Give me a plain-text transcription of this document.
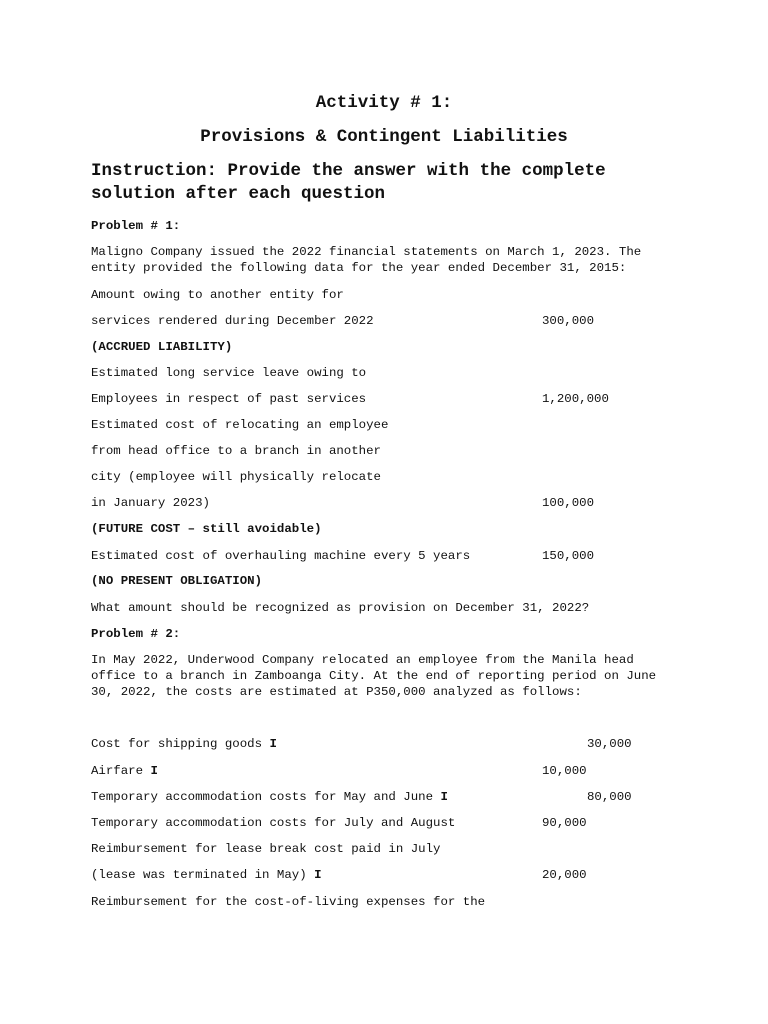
Activity # 1:
Provisions & Contingent Liabilities
Instruction: Provide the answer with the complete
solution after each question
Problem # 1:
Maligno Company issued the 2022 financial statements on March 1, 2023. The
entity provided the following data for the year ended December 31, 2015:
Amount owing to another entity for
services rendered during December 2022	300,000
(ACCRUED LIABILITY)
Estimated long service leave owing to
Employees in respect of past services	1,200,000
Estimated cost of relocating an employee
from head office to a branch in another
city (employee will physically relocate
in January 2023)	100,000
(FUTURE COST – still avoidable)
Estimated cost of overhauling machine every 5 years	150,000
(NO PRESENT OBLIGATION)
What amount should be recognized as provision on December 31, 2022?
Problem # 2:
In May 2022, Underwood Company relocated an employee from the Manila head
office to a branch in Zamboanga City. At the end of reporting period on June
30, 2022, the costs are estimated at P350,000 analyzed as follows:
Cost for shipping goods I	30,000
Airfare I	10,000
Temporary accommodation costs for May and June I	80,000
Temporary accommodation costs for July and August	90,000
Reimbursement for lease break cost paid in July
(lease was terminated in May) I	20,000
Reimbursement for the cost-of-living expenses for the
